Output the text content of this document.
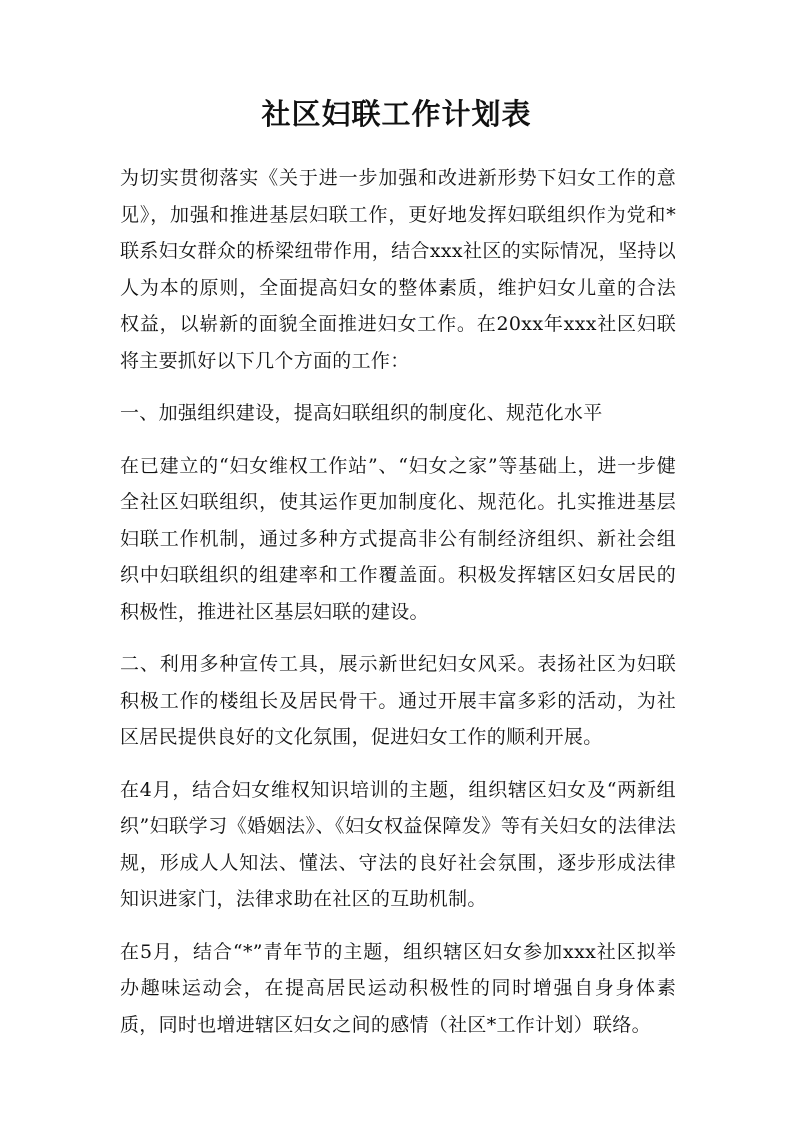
社区妇联工作计划表

为切实贯彻落实《关于进一步加强和改进新形势下妇女工作的意见》，加强和推进基层妇联工作，更好地发挥妇联组织作为党和*联系妇女群众的桥梁纽带作用，结合xxx社区的实际情况，坚持以人为本的原则，全面提高妇女的整体素质，维护妇女儿童的合法权益，以崭新的面貌全面推进妇女工作。在20xx年xxx社区妇联将主要抓好以下几个方面的工作：

一、加强组织建设，提高妇联组织的制度化、规范化水平

在已建立的“妇女维权工作站”、“妇女之家”等基础上，进一步健全社区妇联组织，使其运作更加制度化、规范化。扎实推进基层妇联工作机制，通过多种方式提高非公有制经济组织、新社会组织中妇联组织的组建率和工作覆盖面。积极发挥辖区妇女居民的积极性，推进社区基层妇联的建设。

二、利用多种宣传工具，展示新世纪妇女风采。表扬社区为妇联积极工作的楼组长及居民骨干。通过开展丰富多彩的活动，为社区居民提供良好的文化氛围，促进妇女工作的顺利开展。

在4月，结合妇女维权知识培训的主题，组织辖区妇女及“两新组织”妇联学习《婚姻法》、《妇女权益保障发》等有关妇女的法律法规，形成人人知法、懂法、守法的良好社会氛围，逐步形成法律知识进家门，法律求助在社区的互助机制。

在5月，结合“*”青年节的主题，组织辖区妇女参加xxx社区拟举办趣味运动会，在提高居民运动积极性的同时增强自身身体素质，同时也增进辖区妇女之间的感情（社区*工作计划）联络。
